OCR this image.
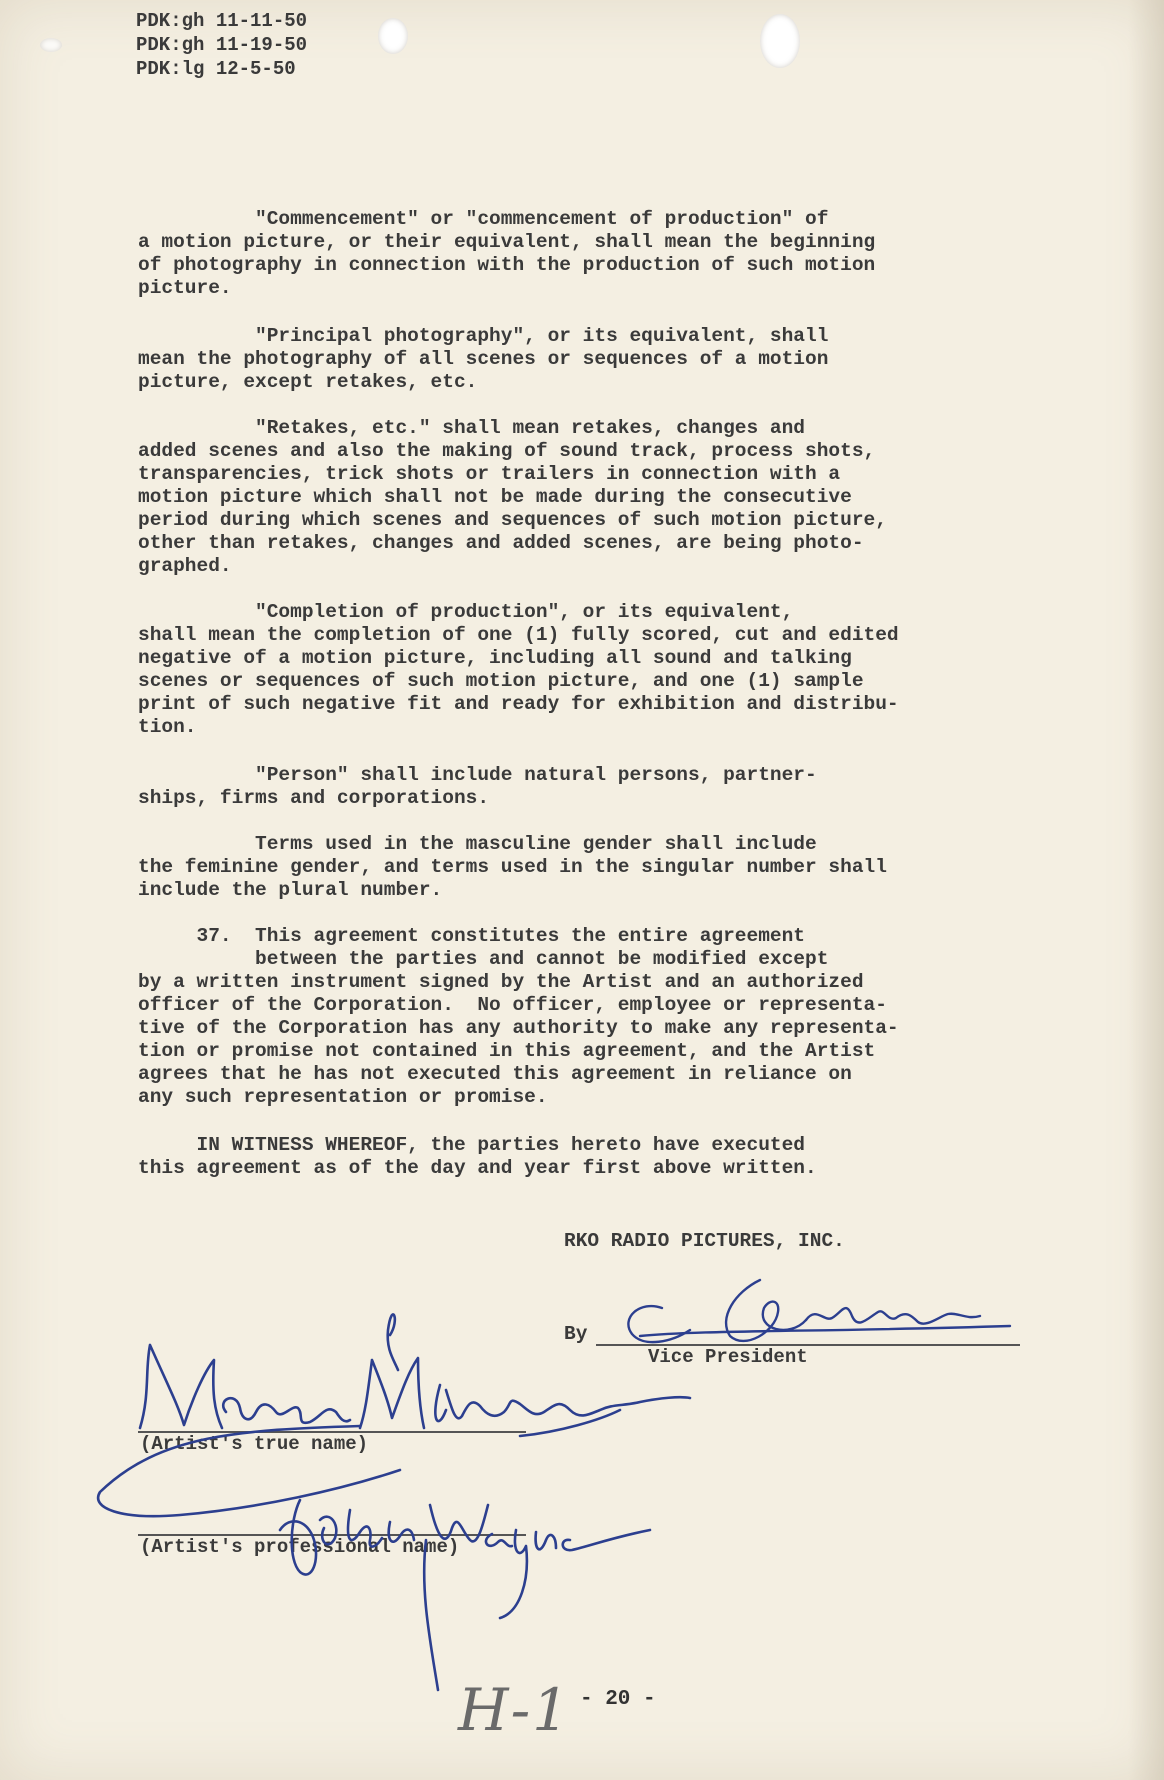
PDK:gh 11-11-50
PDK:gh 11-19-50
PDK:lg 12-5-50
"Commencement" or "commencement of production" of
a motion picture, or their equivalent, shall mean the beginning
of photography in connection with the production of such motion
picture.
"Principal photography", or its equivalent, shall
mean the photography of all scenes or sequences of a motion
picture, except retakes, etc.
"Retakes, etc." shall mean retakes, changes and
added scenes and also the making of sound track, process shots,
transparencies, trick shots or trailers in connection with a
motion picture which shall not be made during the consecutive
period during which scenes and sequences of such motion picture,
other than retakes, changes and added scenes, are being photo-
graphed.
"Completion of production", or its equivalent,
shall mean the completion of one (1) fully scored, cut and edited
negative of a motion picture, including all sound and talking
scenes or sequences of such motion picture, and one (1) sample
print of such negative fit and ready for exhibition and distribu-
tion.
"Person" shall include natural persons, partner-
ships, firms and corporations.
Terms used in the masculine gender shall include
the feminine gender, and terms used in the singular number shall
include the plural number.
37.  This agreement constitutes the entire agreement
between the parties and cannot be modified except
by a written instrument signed by the Artist and an authorized
officer of the Corporation.  No officer, employee or representa-
tive of the Corporation has any authority to make any representa-
tion or promise not contained in this agreement, and the Artist
agrees that he has not executed this agreement in reliance on
any such representation or promise.
IN WITNESS WHEREOF, the parties hereto have executed
this agreement as of the day and year first above written.
RKO RADIO PICTURES, INC.
By
Vice President
(Artist's true name)
(Artist's professional name)
H-1 - 20 -
